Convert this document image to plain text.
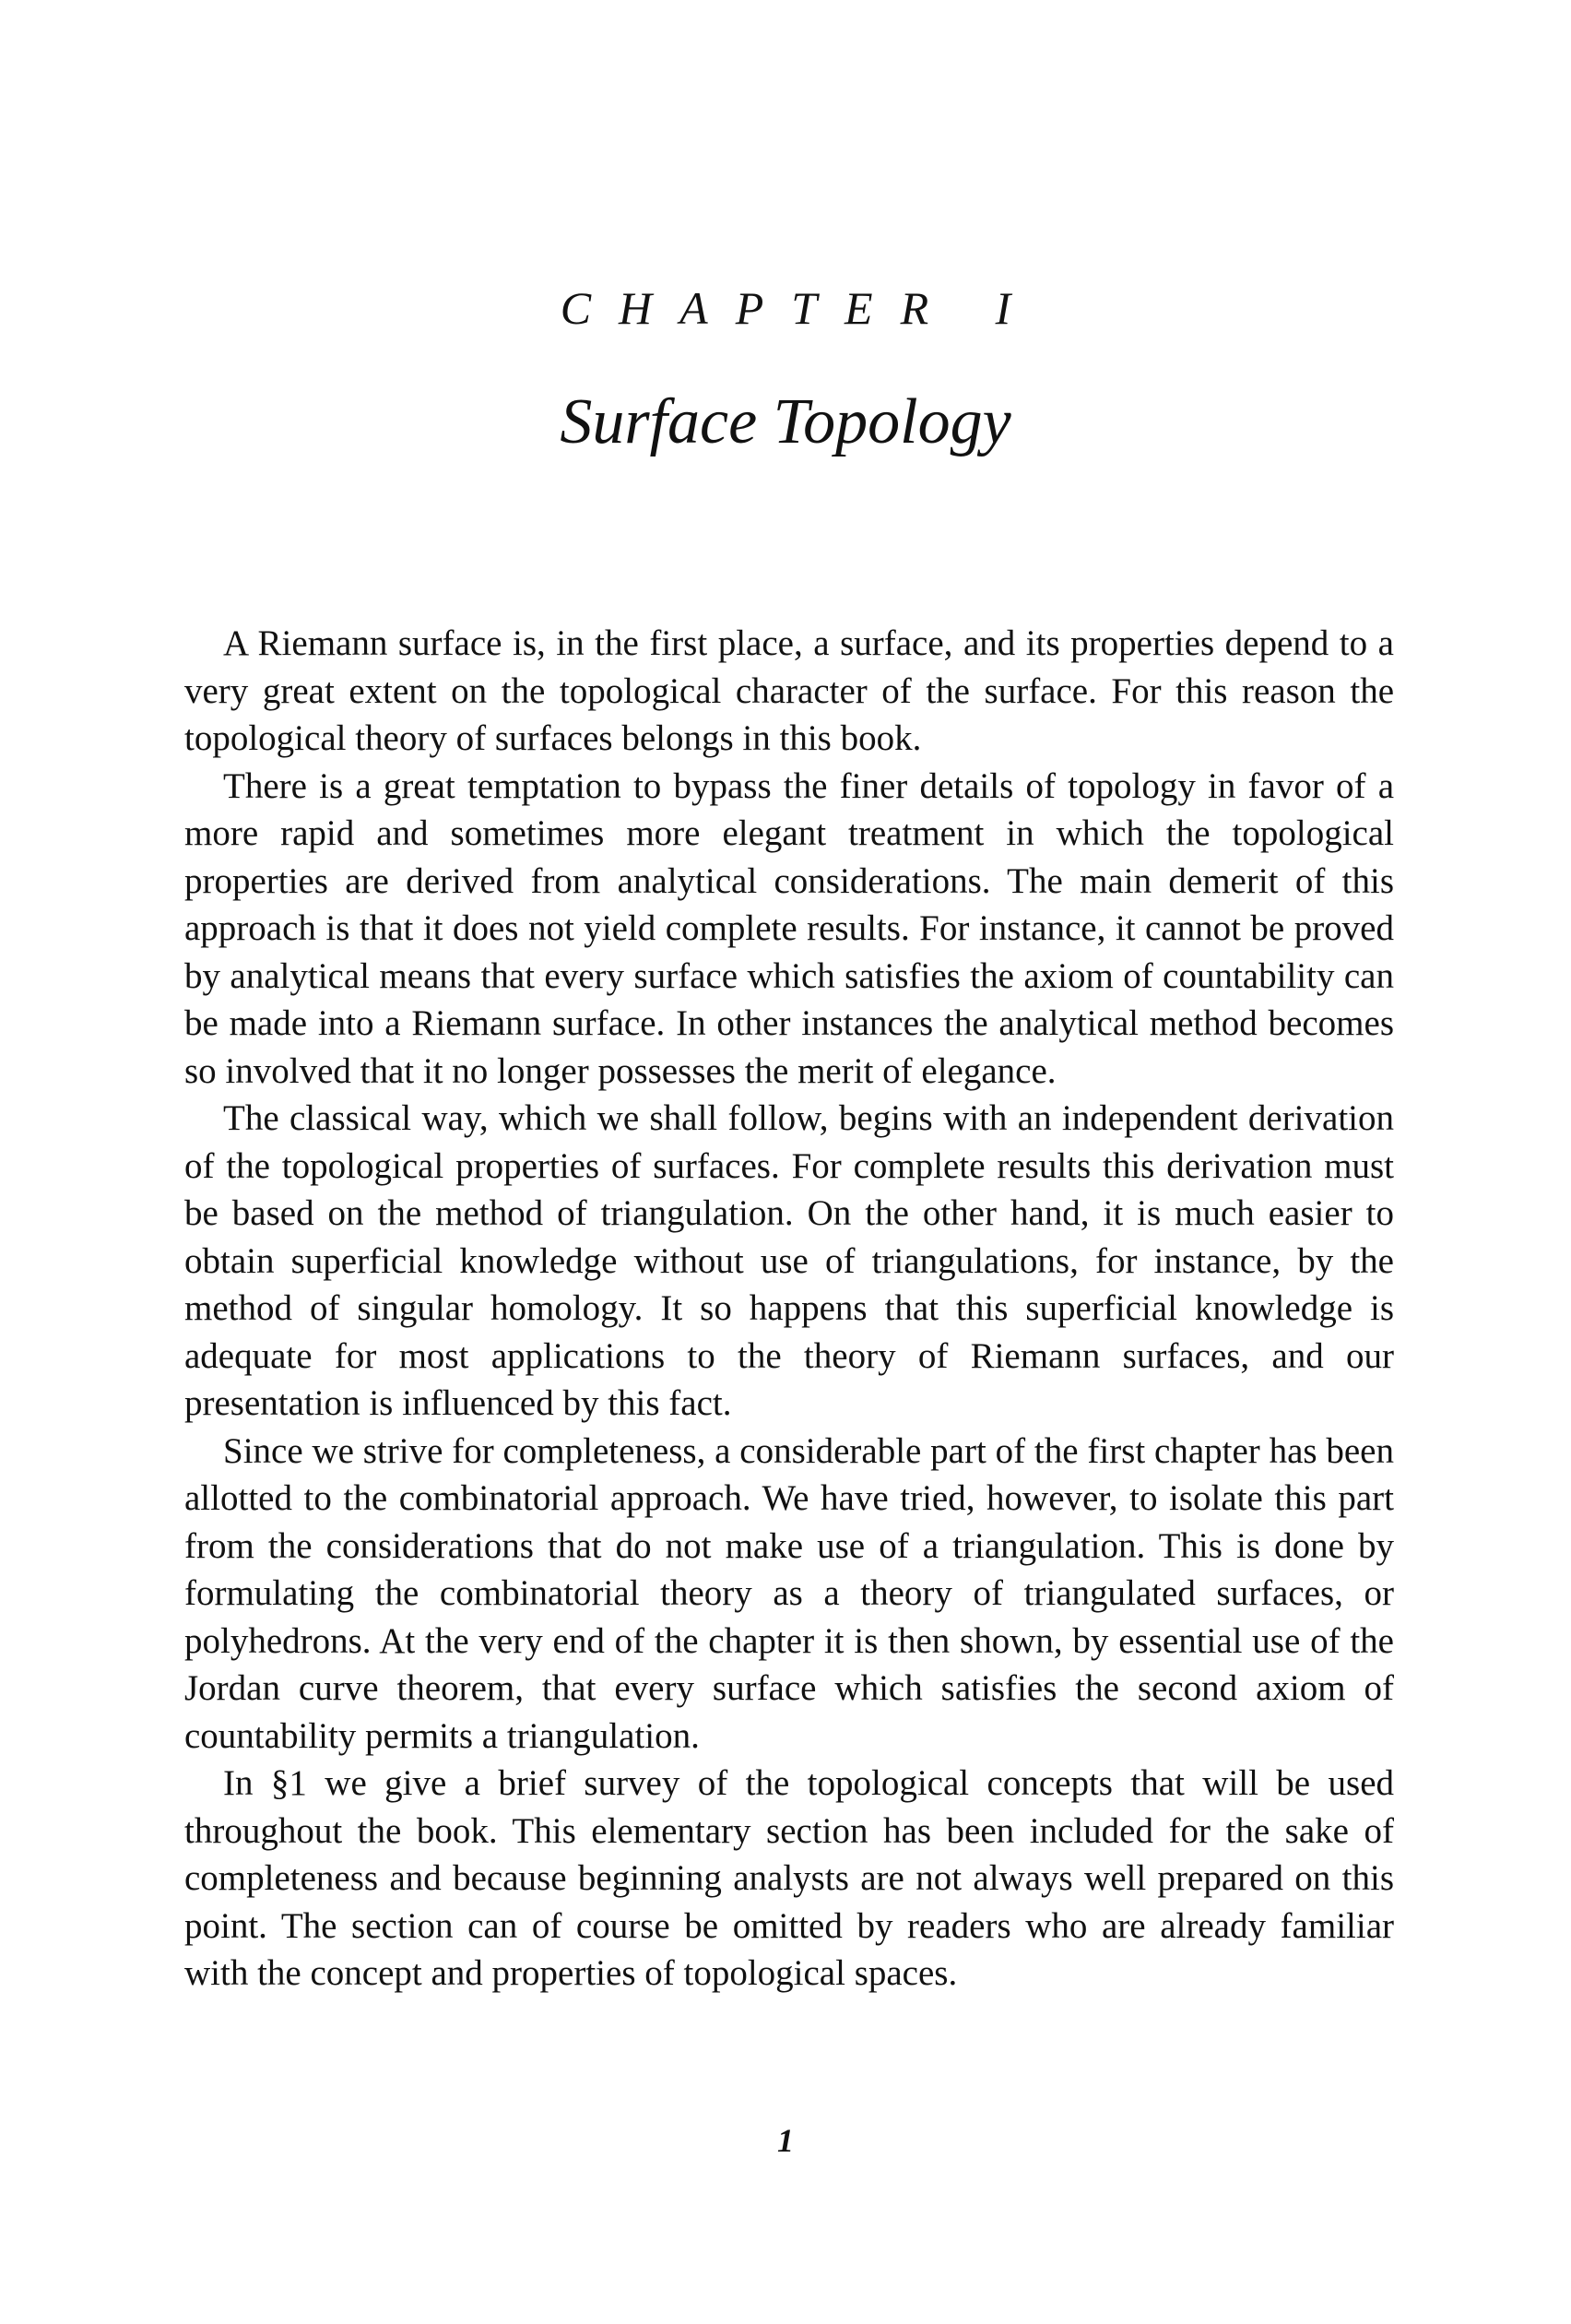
CHAPTER I
Surface Topology

A Riemann surface is, in the first place, a surface, and its properties depend to a very great extent on the topological character of the surface. For this reason the topological theory of surfaces belongs in this book.

There is a great temptation to bypass the finer details of topology in favor of a more rapid and sometimes more elegant treatment in which the topological properties are derived from analytical considerations. The main demerit of this approach is that it does not yield complete results. For instance, it cannot be proved by analytical means that every surface which satisfies the axiom of countability can be made into a Riemann surface. In other instances the analytical method becomes so involved that it no longer possesses the merit of elegance.

The classical way, which we shall follow, begins with an independent derivation of the topological properties of surfaces. For complete results this derivation must be based on the method of triangulation. On the other hand, it is much easier to obtain superficial knowledge without use of triangulations, for instance, by the method of singular homology. It so happens that this superficial knowledge is adequate for most applications to the theory of Riemann surfaces, and our presentation is influenced by this fact.

Since we strive for completeness, a considerable part of the first chapter has been allotted to the combinatorial approach. We have tried, however, to isolate this part from the considerations that do not make use of a triangulation. This is done by formulating the combinatorial theory as a theory of triangulated surfaces, or polyhedrons. At the very end of the chapter it is then shown, by essential use of the Jordan curve theorem, that every surface which satisfies the second axiom of countability permits a triangulation.

In §1 we give a brief survey of the topological concepts that will be used throughout the book. This elementary section has been included for the sake of completeness and because beginning analysts are not always well prepared on this point. The section can of course be omitted by readers who are already familiar with the concept and properties of topological spaces.

1
